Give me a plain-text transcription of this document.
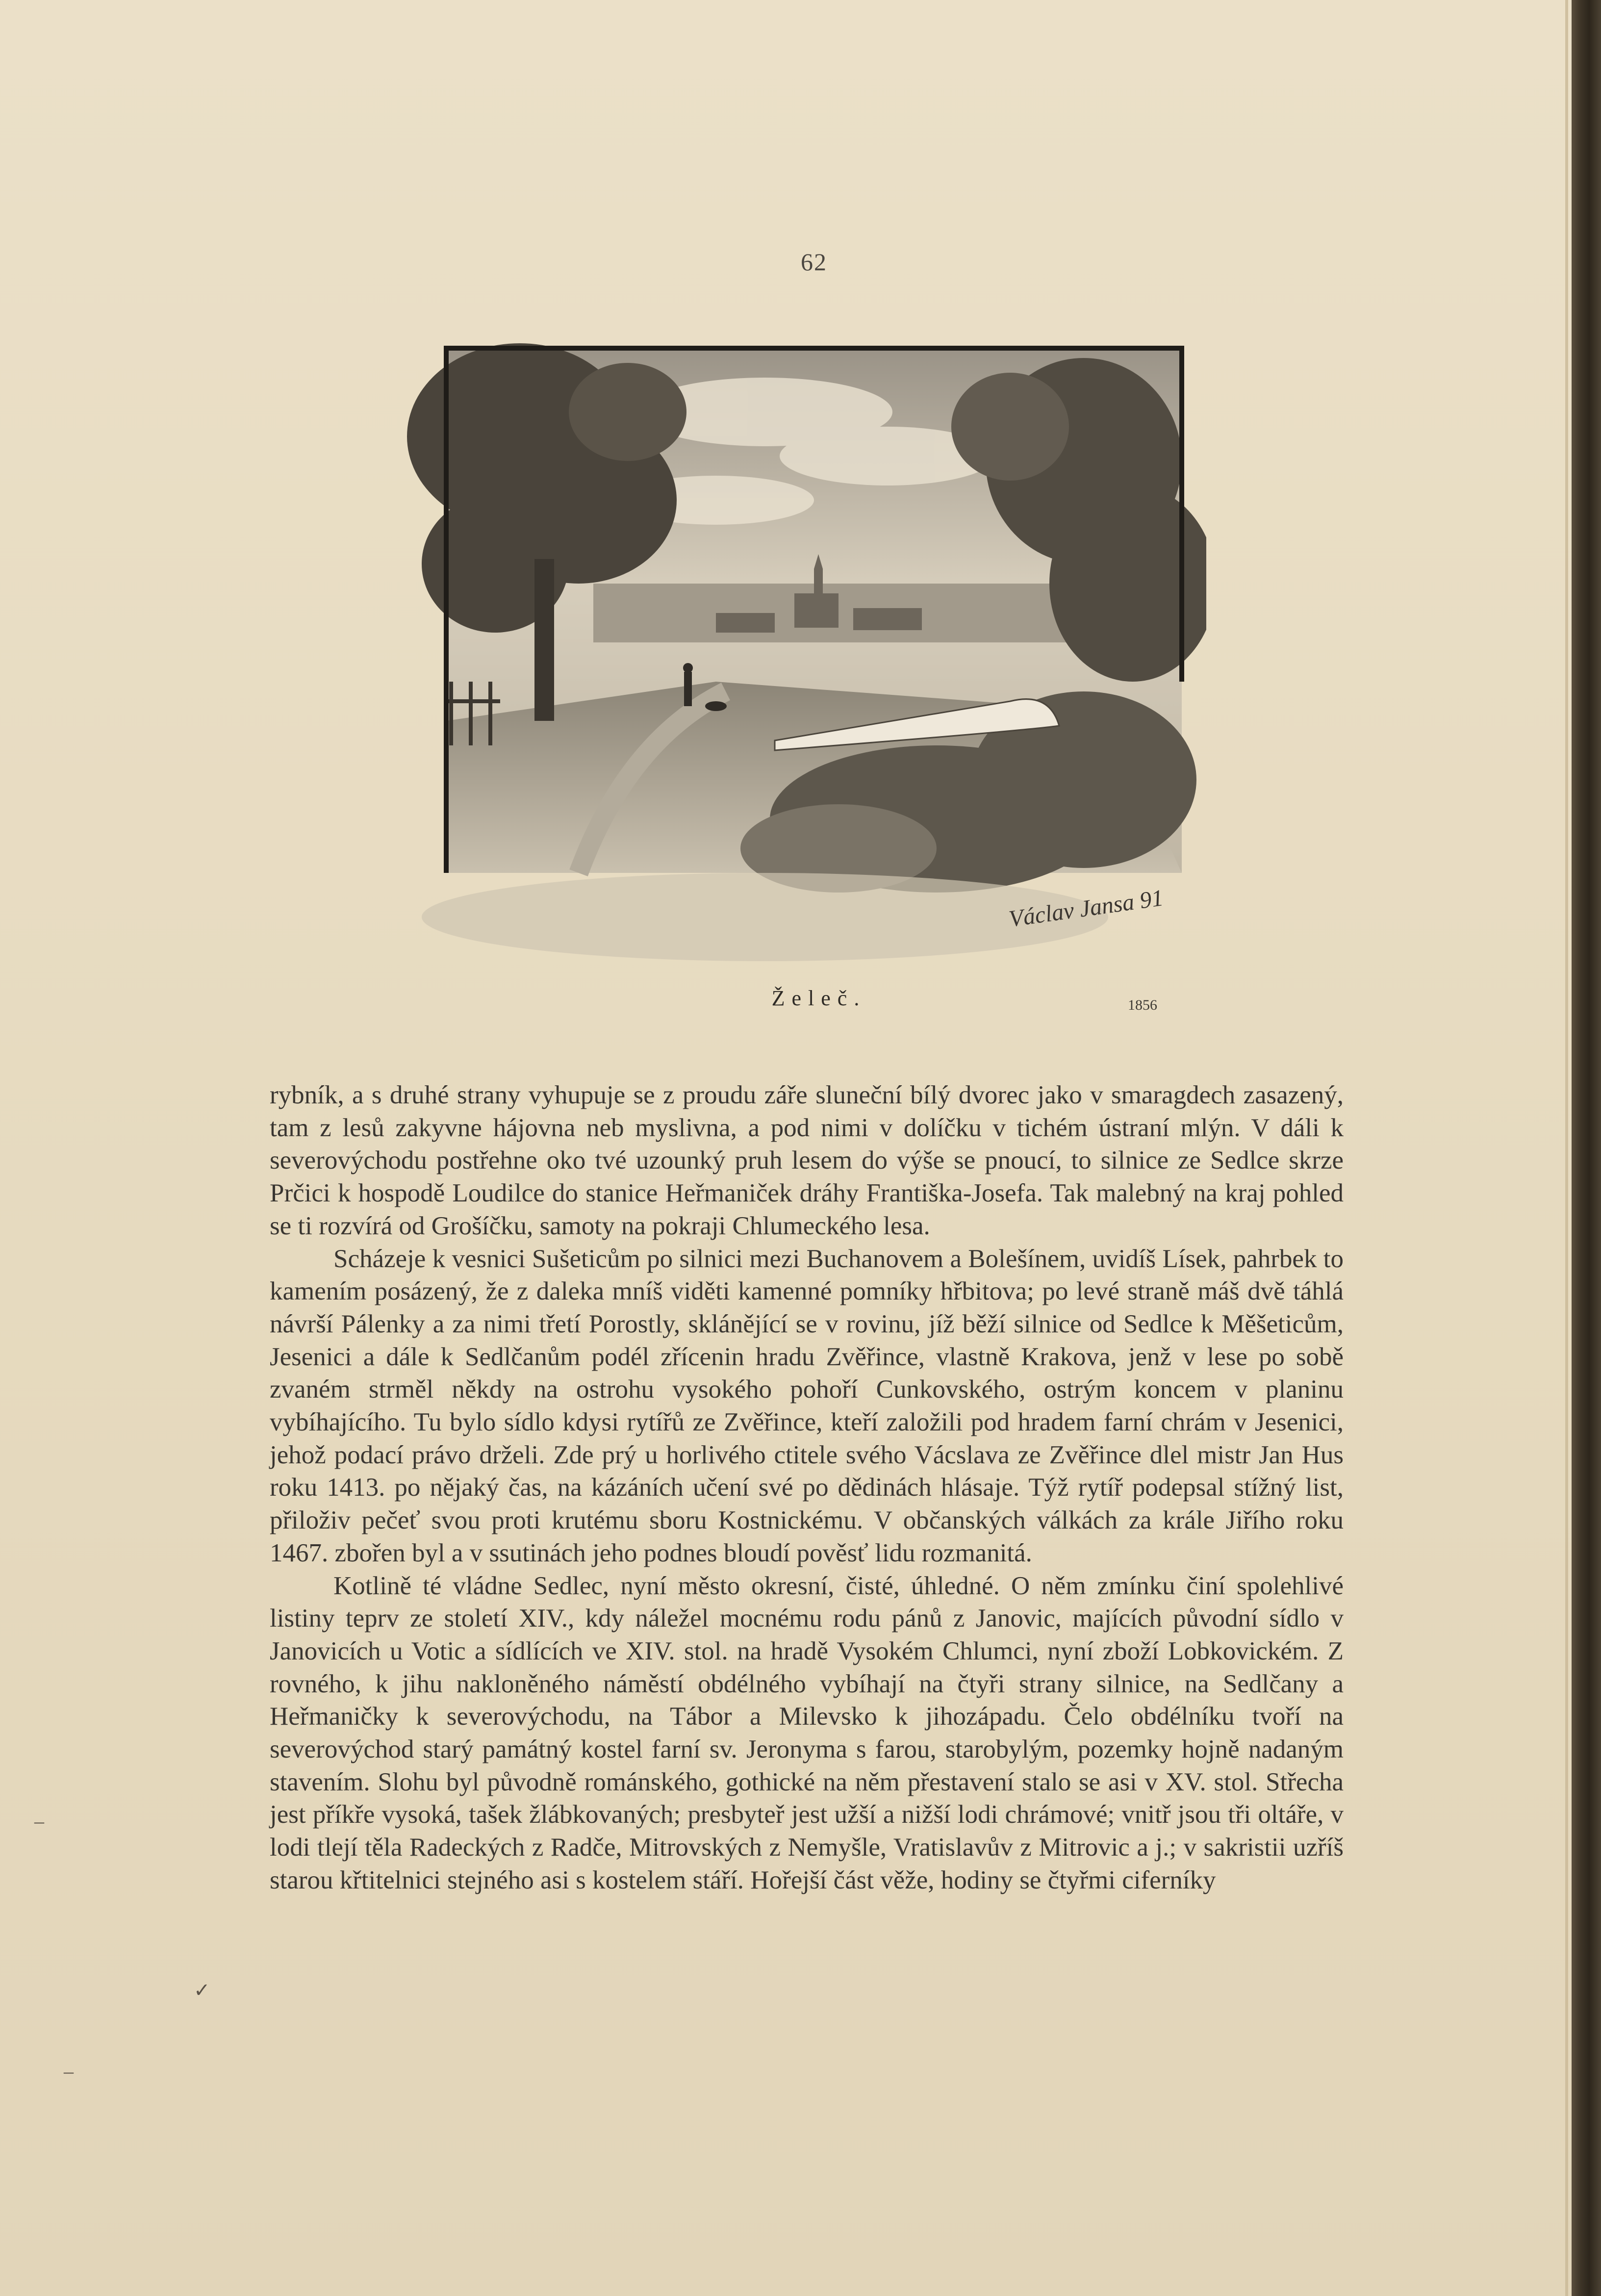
62
Václav Jansa 91
Želeč.	1856

rybník, a s druhé strany vyhupuje se z proudu záře sluneční bílý dvorec jako v smaragdech zasazený, tam z lesů zakyvne hájovna neb myslivna, a pod nimi v dolíčku v tichém ústraní mlýn. V dáli k severovýchodu postřehne oko tvé uzounký pruh lesem do výše se pnoucí, to silnice ze Sedlce skrze Prčici k hospodě Loudilce do stanice Heřmaniček dráhy Františka-Josefa. Tak malebný na kraj pohled se ti rozvírá od Grošíčku, samoty na pokraji Chlumeckého lesa.

Scházeje k vesnici Sušeticům po silnici mezi Buchanovem a Bolešínem, uvidíš Lísek, pahrbek to kamením posázený, že z daleka mníš viděti kamenné pomníky hřbitova; po levé straně máš dvě táhlá návrší Pálenky a za nimi třetí Porostly, sklánějící se v rovinu, jíž běží silnice od Sedlce k Měšeticům, Jesenici a dále k Sedlčanům podél zřícenin hradu Zvěřince, vlastně Krakova, jenž v lese po sobě zvaném strměl někdy na ostrohu vysokého pohoří Cunkovského, ostrým koncem v planinu vybíhajícího. Tu bylo sídlo kdysi rytířů ze Zvěřince, kteří založili pod hradem farní chrám v Jesenici, jehož podací právo drželi. Zde prý u horlivého ctitele svého Vácslava ze Zvěřince dlel mistr Jan Hus roku 1413. po nějaký čas, na kázáních učení své po dědinách hlásaje. Týž rytíř podepsal stížný list, přiloživ pečeť svou proti krutému sboru Kostnickému. V občanských válkách za krále Jiřího roku 1467. zbořen byl a v ssutinách jeho podnes bloudí pověsť lidu rozmanitá.

Kotlině té vládne Sedlec, nyní město okresní, čisté, úhledné. O něm zmínku činí spolehlivé listiny teprv ze století XIV., kdy náležel mocnému rodu pánů z Janovic, majících původní sídlo v Janovicích u Votic a sídlících ve XIV. stol. na hradě Vysokém Chlumci, nyní zboží Lobkovickém. Z rovného, k jihu nakloněného náměstí obdélného vybíhají na čtyři strany silnice, na Sedlčany a Heřmaničky k severovýchodu, na Tábor a Milevsko k jihozápadu. Čelo obdélníku tvoří na severovýchod starý památný kostel farní sv. Jeronyma s farou, starobylým, pozemky hojně nadaným stavením. Slohu byl původně románského, gothické na něm přestavení stalo se asi v XV. stol. Střecha jest příkře vysoká, tašek žlábkovaných; presbyteř jest užší a nižší lodi chrámové; vnitř jsou tři oltáře, v lodi tlejí těla Radeckých z Radče, Mitrovských z Nemyšle, Vratislavův z Mitrovic a j.; v sakristii uzříš starou křtitelnici stejného asi s kostelem stáří. Hořejší část věže, hodiny se čtyřmi ciferníky

–
✓
–
